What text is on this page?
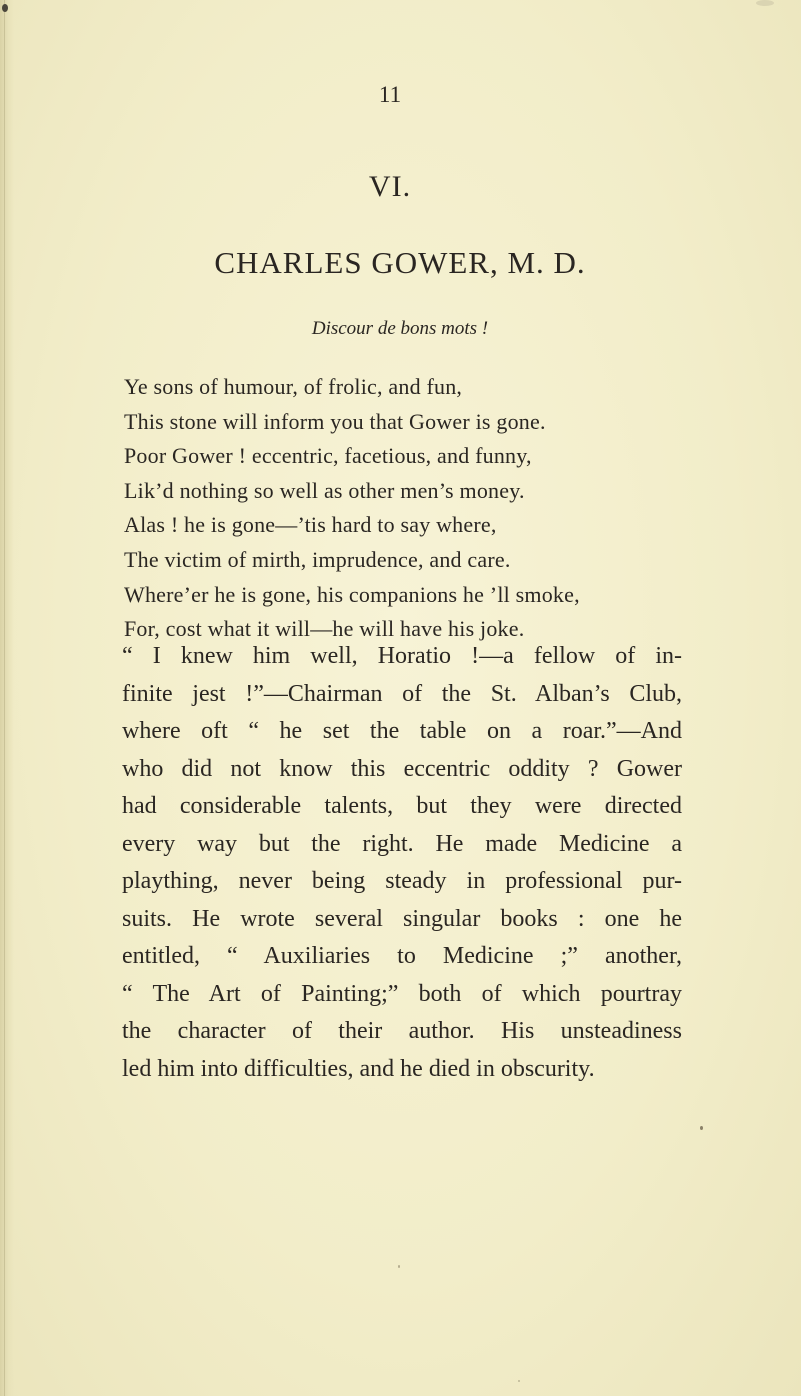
11
VI.
CHARLES GOWER, M. D.
Discour de bons mots !
Ye sons of humour, of frolic, and fun,
This stone will inform you that Gower is gone.
Poor Gower ! eccentric, facetious, and funny,
Lik’d nothing so well as other men’s money.
Alas ! he is gone—’tis hard to say where,
The victim of mirth, imprudence, and care.
Where’er he is gone, his companions he ’ll smoke,
For, cost what it will—he will have his joke.
“ I knew him well, Horatio !—a fellow of in-
finite jest !”—Chairman of the St. Alban’s Club,
where oft “ he set the table on a roar.”—And
who did not know this eccentric oddity ? Gower
had considerable talents, but they were directed
every way but the right. He made Medicine a
plaything, never being steady in professional pur-
suits. He wrote several singular books : one he
entitled, “ Auxiliaries to Medicine ;” another,
“ The Art of Painting;” both of which pourtray
the character of their author. His unsteadiness
led him into difficulties, and he died in obscurity.
